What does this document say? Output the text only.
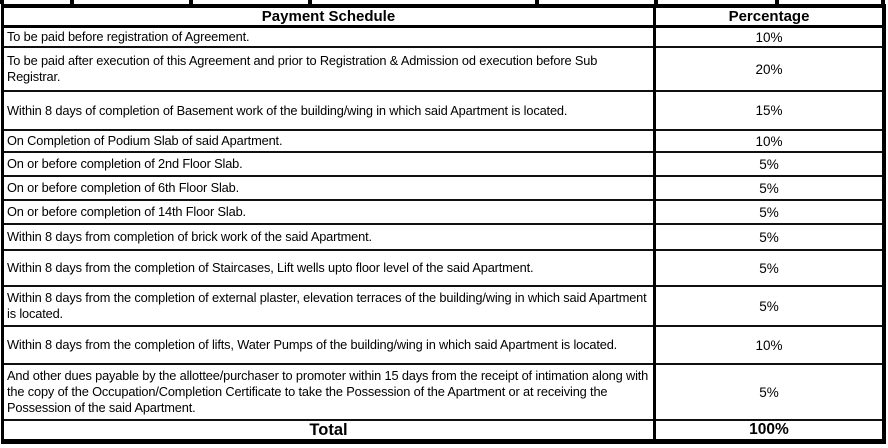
Payment Schedule	Percentage
To be paid before registration of Agreement.	10%
To be paid after execution of this Agreement and prior to Registration & Admission od execution before Sub Registrar.	20%
Within 8 days of completion of Basement work of the building/wing in which said Apartment is located.	15%
On Completion of Podium Slab of said Apartment.	10%
On or before completion of 2nd Floor Slab.	5%
On or before completion of 6th Floor Slab.	5%
On or before completion of 14th Floor Slab.	5%
Within 8 days from completion of brick work of the said Apartment.	5%
Within 8 days from the completion of Staircases, Lift wells upto floor level of the said Apartment.	5%
Within 8 days from the completion of external plaster, elevation terraces of the building/wing in which said Apartment is located.	5%
Within 8 days from the completion of lifts, Water Pumps of the building/wing in which said Apartment is located.	10%
And other dues payable by the allottee/purchaser to promoter within 15 days from the receipt of intimation along with the copy of the Occupation/Completion Certificate to take the Possession of the Apartment or at receiving the Possession of the said Apartment.	5%
Total	100%
